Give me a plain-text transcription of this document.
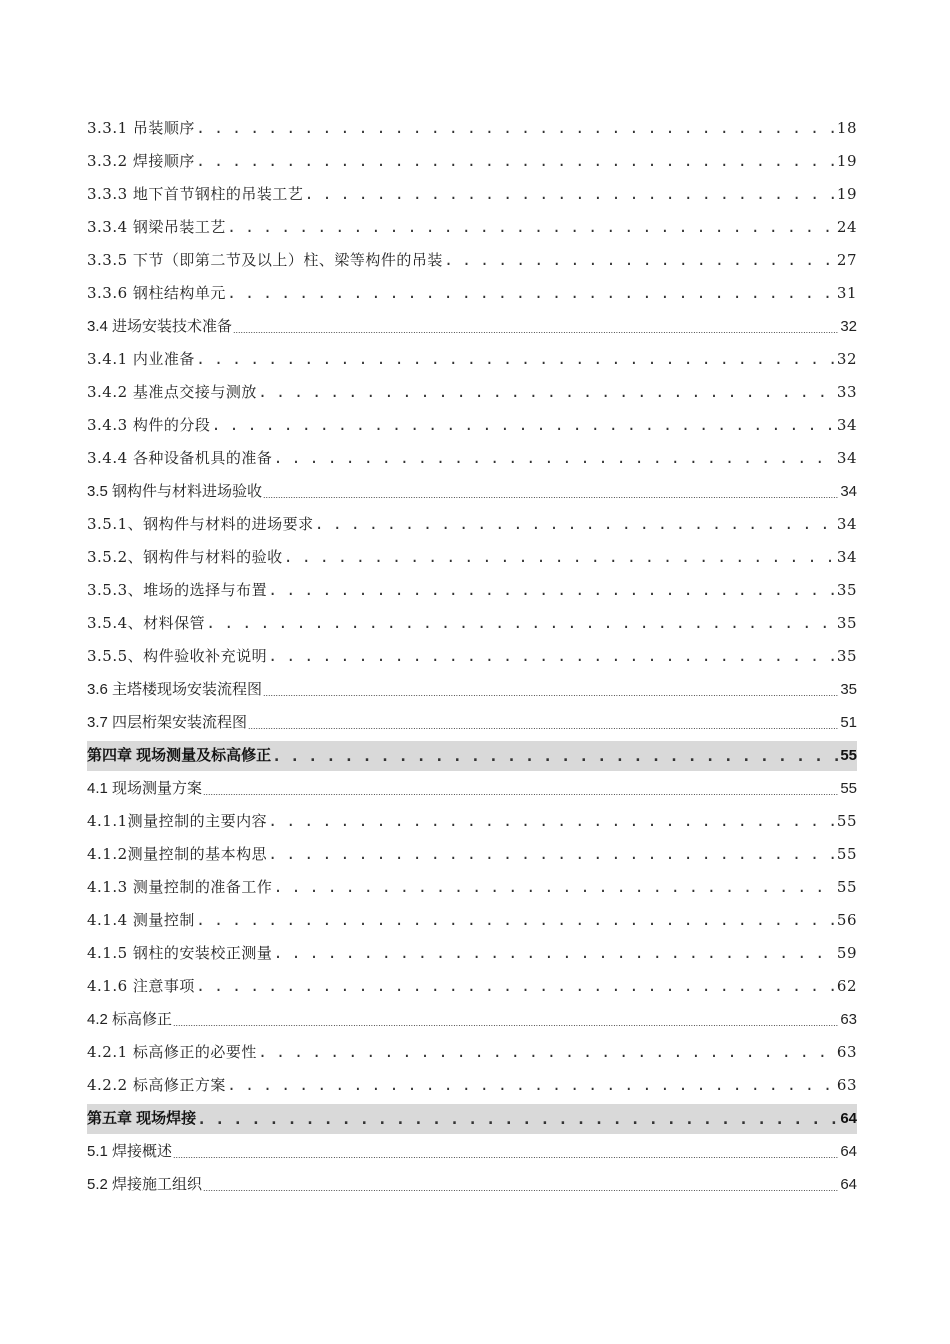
3.3.1 吊装顺序 . . .	18
3.3.2 焊接顺序 . . .	19
3.3.3 地下首节钢柱的吊装工艺 . . .	19
3.3.4 钢梁吊装工艺 . . .	24
3.3.5 下节（即第二节及以上）柱、梁等构件的吊装 . . .	27
3.3.6 钢柱结构单元 . . .	31
3.4 进场安装技术准备 .....	32
3.4.1 内业准备 . . .	32
3.4.2 基准点交接与测放 . . .	33
3.4.3 构件的分段 . . .	34
3.4.4 各种设备机具的准备 . . .	34
3.5 钢构件与材料进场验收 .....	34
3.5.1、钢构件与材料的进场要求 . . .	34
3.5.2、钢构件与材料的验收 . . .	34
3.5.3、堆场的选择与布置 . . .	35
3.5.4、材料保管 . . .	35
3.5.5、构件验收补充说明 . . .	35
3.6 主塔楼现场安装流程图 .....	35
3.7 四层桁架安装流程图 .....	51
第四章 现场测量及标高修正 . . .	55
4.1 现场测量方案 .....	55
4.1.1测量控制的主要内容 . . .	55
4.1.2测量控制的基本构思 . . .	55
4.1.3 测量控制的准备工作 . . .	55
4.1.4 测量控制 . . .	56
4.1.5 钢柱的安装校正测量 . . .	59
4.1.6 注意事项 . . .	62
4.2 标高修正 .....	63
4.2.1 标高修正的必要性 . . .	63
4.2.2 标高修正方案 . . .	63
第五章 现场焊接 . . .	64
5.1 焊接概述 .....	64
5.2 焊接施工组织 .....	64
